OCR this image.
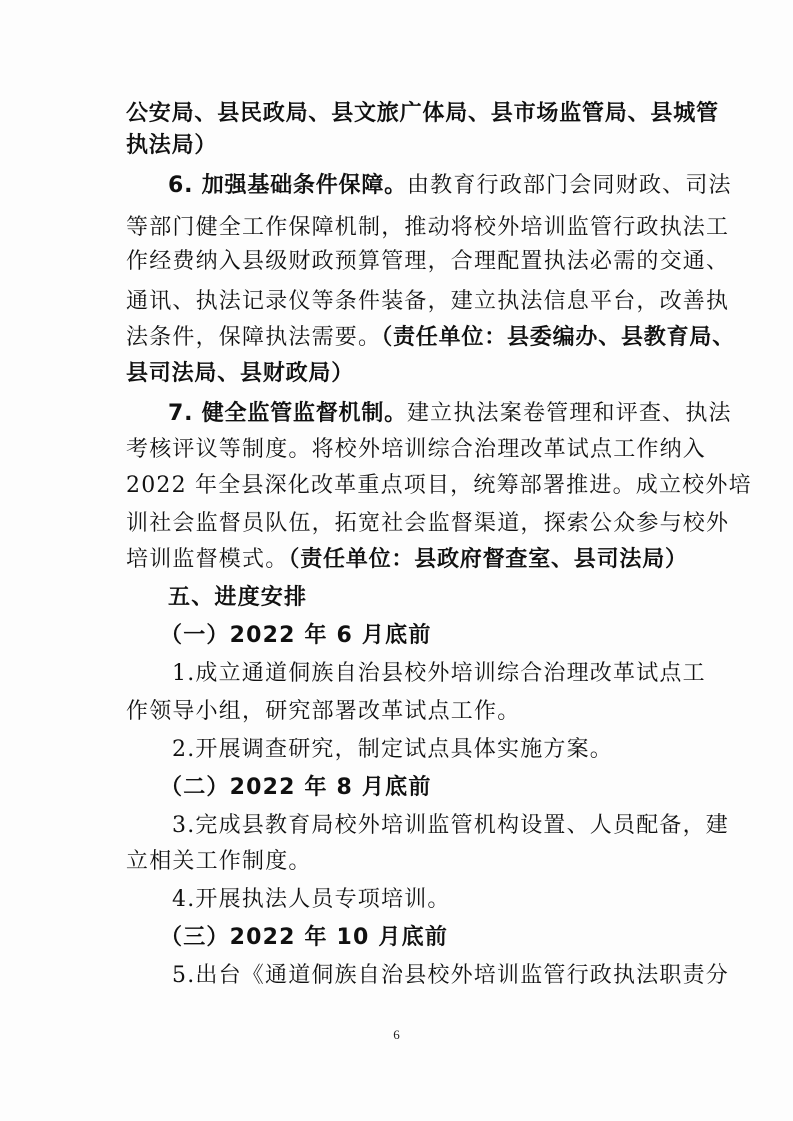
公安局、县民政局、县文旅广体局、县市场监管局、县城管
执法局）
6. 加强基础条件保障。由教育行政部门会同财政、司法
等部门健全工作保障机制，推动将校外培训监管行政执法工
作经费纳入县级财政预算管理，合理配置执法必需的交通、
通讯、执法记录仪等条件装备，建立执法信息平台，改善执
法条件，保障执法需要。（责任单位：县委编办、县教育局、
县司法局、县财政局）
7. 健全监管监督机制。建立执法案卷管理和评查、执法
考核评议等制度。将校外培训综合治理改革试点工作纳入
2022 年全县深化改革重点项目，统筹部署推进。成立校外培
训社会监督员队伍，拓宽社会监督渠道，探索公众参与校外
培训监督模式。（责任单位：县政府督查室、县司法局）
五、进度安排
（一）2022 年 6 月底前
1.成立通道侗族自治县校外培训综合治理改革试点工
作领导小组，研究部署改革试点工作。
2.开展调查研究，制定试点具体实施方案。
（二）2022 年 8 月底前
3.完成县教育局校外培训监管机构设置、人员配备，建
立相关工作制度。
4.开展执法人员专项培训。
（三）2022 年 10 月底前
5.出台《通道侗族自治县校外培训监管行政执法职责分
6
